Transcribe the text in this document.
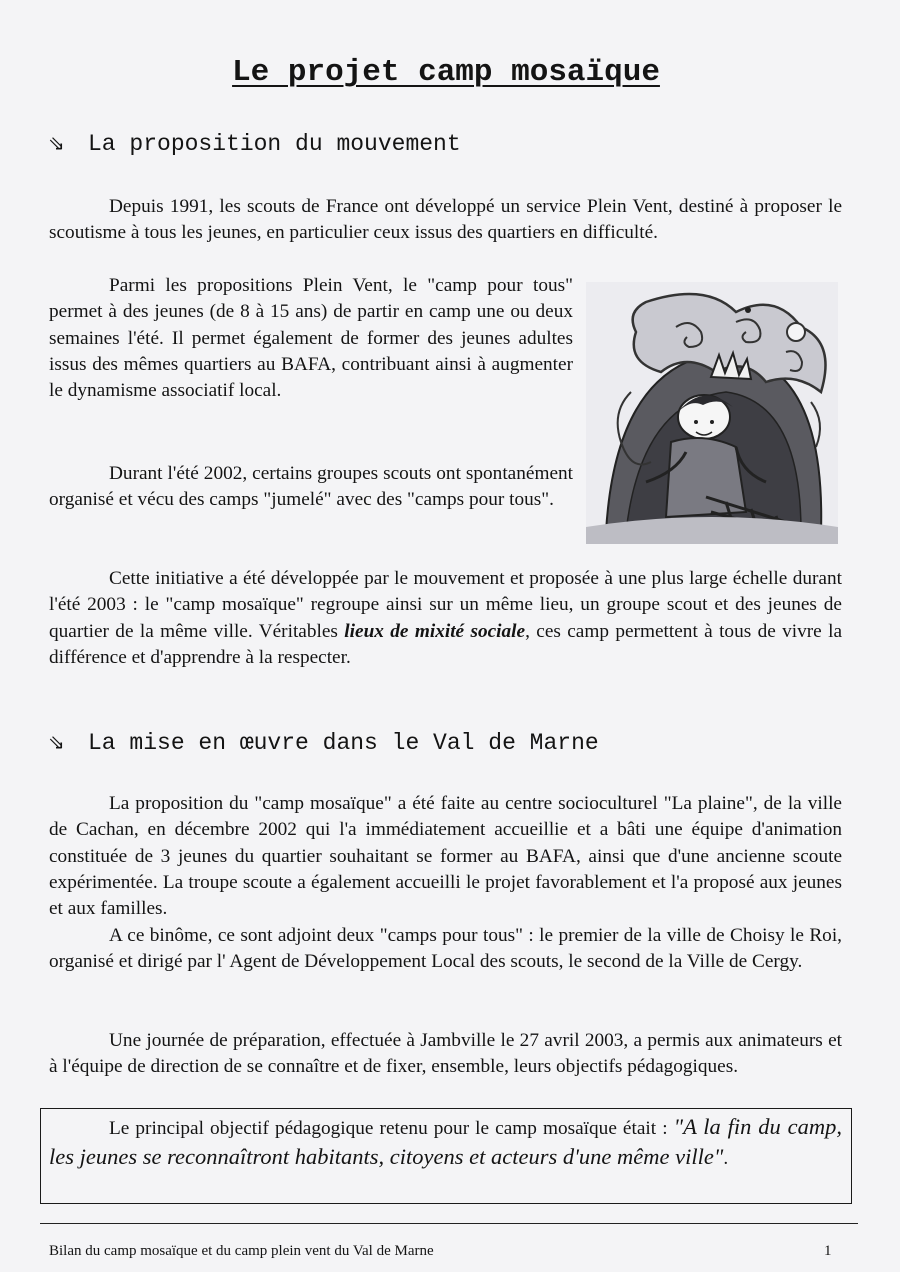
Le projet camp mosaïque
⇘ La proposition du mouvement

Depuis 1991, les scouts de France ont développé un service Plein Vent, destiné à proposer le scoutisme à tous les jeunes, en particulier ceux issus des quartiers en difficulté.

Parmi les propositions Plein Vent, le "camp pour tous" permet à des jeunes (de 8 à 15 ans) de partir en camp une ou deux semaines l'été. Il permet également de former des jeunes adultes issus des mêmes quartiers au BAFA, contribuant ainsi à augmenter le dynamisme associatif local.

Durant l'été 2002, certains groupes scouts ont spontanément organisé et vécu des camps "jumelé" avec des "camps pour tous".

Cette initiative a été développée par le mouvement et proposée à une plus large échelle durant l'été 2003 : le "camp mosaïque" regroupe ainsi sur un même lieu, un groupe scout et des jeunes de quartier de la même ville. Véritables lieux de mixité sociale, ces camp permettent à tous de vivre la différence et d'apprendre à la respecter.

⇘ La mise en œuvre dans le Val de Marne

La proposition du "camp mosaïque" a été faite au centre socioculturel "La plaine", de la ville de Cachan, en décembre 2002 qui l'a immédiatement accueillie et a bâti une équipe d'animation constituée de 3 jeunes du quartier souhaitant se former au BAFA, ainsi que d'une ancienne scoute expérimentée. La troupe scoute a également accueilli le projet favorablement et l'a proposé aux jeunes et aux familles.

A ce binôme, ce sont adjoint deux "camps pour tous" : le premier de la ville de Choisy le Roi, organisé et dirigé par l' Agent de Développement Local des scouts, le second de la Ville de Cergy.

Une journée de préparation, effectuée à Jambville le 27 avril 2003, a permis aux animateurs et à l'équipe de direction de se connaître et de fixer, ensemble, leurs objectifs pédagogiques.

Le principal objectif pédagogique retenu pour le camp mosaïque était : "A la fin du camp, les jeunes se reconnaîtront habitants, citoyens et acteurs d'une même ville".

Bilan du camp mosaïque et du camp plein vent du Val de Marne	1
